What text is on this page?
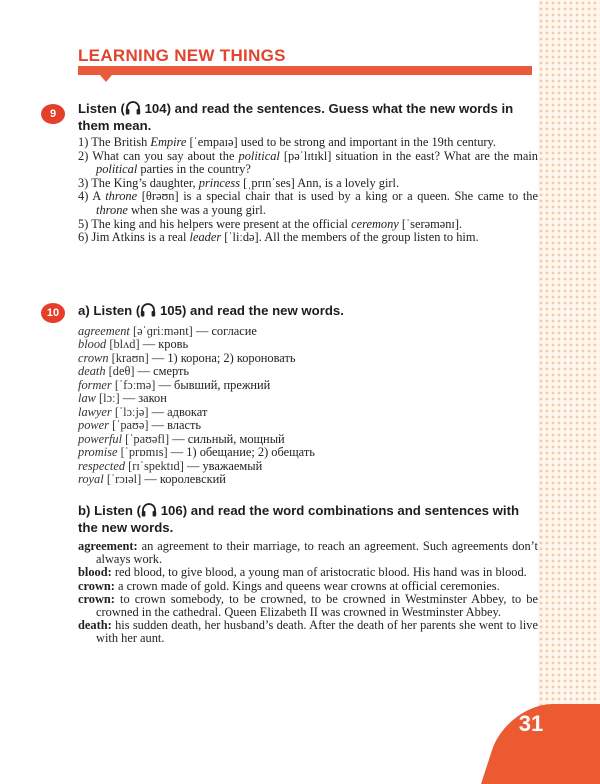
LEARNING NEW THINGS
9	Listen ( 104) and read the sentences. Guess what the new words in them mean.
1) The British Empire [ˈempaɪə] used to be strong and important in the 19th century.
2) What can you say about the political [pəˈlɪtɪkl] situation in the east? What are the main political parties in the country?
3) The King’s daughter, princess [ˌprɪnˈses] Ann, is a lovely girl.
4) A throne [θrəʊn] is a special chair that is used by a king or a queen. She came to the throne when she was a young girl.
5) The king and his helpers were present at the official ceremony [ˈserəmənɪ].
6) Jim Atkins is a real leader [ˈliːdə]. All the members of the group listen to him.
10	a) Listen ( 105) and read the new words.
agreement [əˈɡriːmənt] — согласие
blood [blʌd] — кровь
crown [kraʊn] — 1) корона; 2) короновать
death [deθ] — смерть
former [ˈfɔːmə] — бывший, прежний
law [lɔː] — закон
lawyer [ˈlɔːjə] — адвокат
power [ˈpaʊə] — власть
powerful [ˈpaʊəfl] — сильный, мощный
promise [ˈprɒmɪs] — 1) обещание; 2) обещать
respected [rɪˈspektɪd] — уважаемый
royal [ˈrɔɪəl] — королевский
b) Listen ( 106) and read the word combinations and sentences with the new words.
agreement: an agreement to their marriage, to reach an agreement. Such agreements don’t always work.
blood: red blood, to give blood, a young man of aristocratic blood. His hand was in blood.
crown: a crown made of gold. Kings and queens wear crowns at official ceremonies.
crown: to crown somebody, to be crowned, to be crowned in Westminster Abbey, to be crowned in the cathedral. Queen Elizabeth II was crowned in Westminster Abbey.
death: his sudden death, her husband’s death. After the death of her parents she went to live with her aunt.
31
